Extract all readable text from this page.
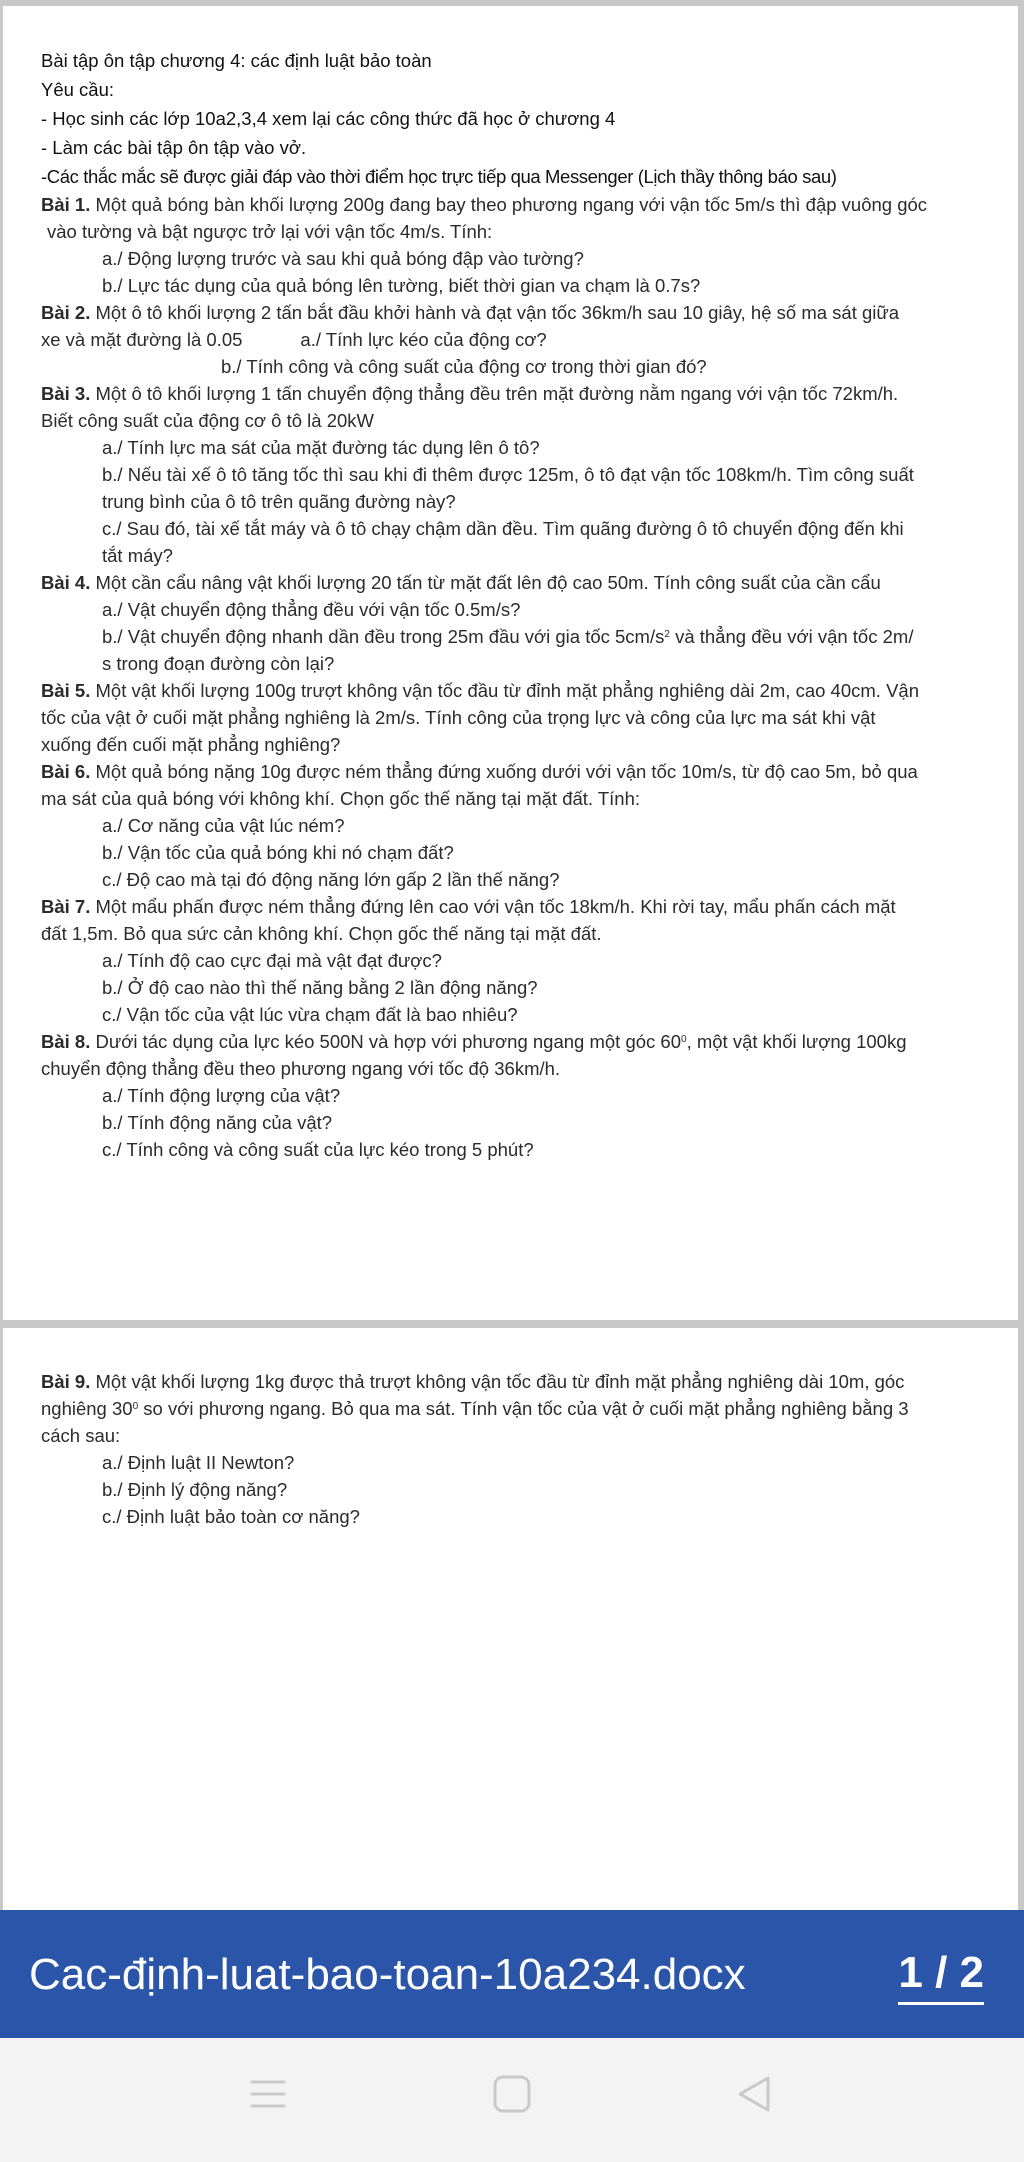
Bài tập ôn tập chương 4: các định luật bảo toàn
Yêu cầu:
- Học sinh các lớp 10a2,3,4 xem lại các công thức đã học ở chương 4
- Làm các bài tập ôn tập vào vở.
-Các thắc mắc sẽ được giải đáp vào thời điểm học trực tiếp qua Messenger (Lịch thầy thông báo sau)
Bài 1. Một quả bóng bàn khối lượng 200g đang bay theo phương ngang với vận tốc 5m/s thì đập vuông góc
vào tường và bật ngược trở lại với vận tốc 4m/s. Tính:
a./ Động lượng trước và sau khi quả bóng đập vào tường?
b./ Lực tác dụng của quả bóng lên tường, biết thời gian va chạm là 0.7s?
Bài 2. Một ô tô khối lượng 2 tấn bắt đầu khởi hành và đạt vận tốc 36km/h sau 10 giây, hệ số ma sát giữa
xe và mặt đường là 0.05	a./ Tính lực kéo của động cơ?
b./ Tính công và công suất của động cơ trong thời gian đó?
Bài 3. Một ô tô khối lượng 1 tấn chuyển động thẳng đều trên mặt đường nằm ngang với vận tốc 72km/h.
Biết công suất của động cơ ô tô là 20kW
a./ Tính lực ma sát của mặt đường tác dụng lên ô tô?
b./ Nếu tài xế ô tô tăng tốc thì sau khi đi thêm được 125m, ô tô đạt vận tốc 108km/h. Tìm công suất
trung bình của ô tô trên quãng đường này?
c./ Sau đó, tài xế tắt máy và ô tô chạy chậm dần đều. Tìm quãng đường ô tô chuyển động đến khi
tắt máy?
Bài 4. Một cần cẩu nâng vật khối lượng 20 tấn từ mặt đất lên độ cao 50m. Tính công suất của cần cẩu
a./ Vật chuyển động thẳng đều với vận tốc 0.5m/s?
b./ Vật chuyển động nhanh dần đều trong 25m đầu với gia tốc $5cm/s^2$ và thẳng đều với vận tốc 2m/
s trong đoạn đường còn lại?
Bài 5. Một vật khối lượng 100g trượt không vận tốc đầu từ đỉnh mặt phẳng nghiêng dài 2m, cao 40cm. Vận
tốc của vật ở cuối mặt phẳng nghiêng là 2m/s. Tính công của trọng lực và công của lực ma sát khi vật
xuống đến cuối mặt phẳng nghiêng?
Bài 6. Một quả bóng nặng 10g được ném thẳng đứng xuống dưới với vận tốc 10m/s, từ độ cao 5m, bỏ qua
ma sát của quả bóng với không khí. Chọn gốc thế năng tại mặt đất. Tính:
a./ Cơ năng của vật lúc ném?
b./ Vận tốc của quả bóng khi nó chạm đất?
c./ Độ cao mà tại đó động năng lớn gấp 2 lần thế năng?
Bài 7. Một mẩu phấn được ném thẳng đứng lên cao với vận tốc 18km/h. Khi rời tay, mẩu phấn cách mặt
đất 1,5m. Bỏ qua sức cản không khí. Chọn gốc thế năng tại mặt đất.
a./ Tính độ cao cực đại mà vật đạt được?
b./ Ở độ cao nào thì thế năng bằng 2 lần động năng?
c./ Vận tốc của vật lúc vừa chạm đất là bao nhiêu?
Bài 8. Dưới tác dụng của lực kéo 500N và hợp với phương ngang một góc $60^0$, một vật khối lượng 100kg
chuyển động thẳng đều theo phương ngang với tốc độ 36km/h.
a./ Tính động lượng của vật?
b./ Tính động năng của vật?
c./ Tính công và công suất của lực kéo trong 5 phút?
Bài 9. Một vật khối lượng 1kg được thả trượt không vận tốc đầu từ đỉnh mặt phẳng nghiêng dài 10m, góc
nghiêng $30^0$ so với phương ngang. Bỏ qua ma sát. Tính vận tốc của vật ở cuối mặt phẳng nghiêng bằng 3
cách sau:
a./ Định luật II Newton?
b./ Định lý động năng?
c./ Định luật bảo toàn cơ năng?
Cac-định-luat-bao-toan-10a234.docx	1 / 2
